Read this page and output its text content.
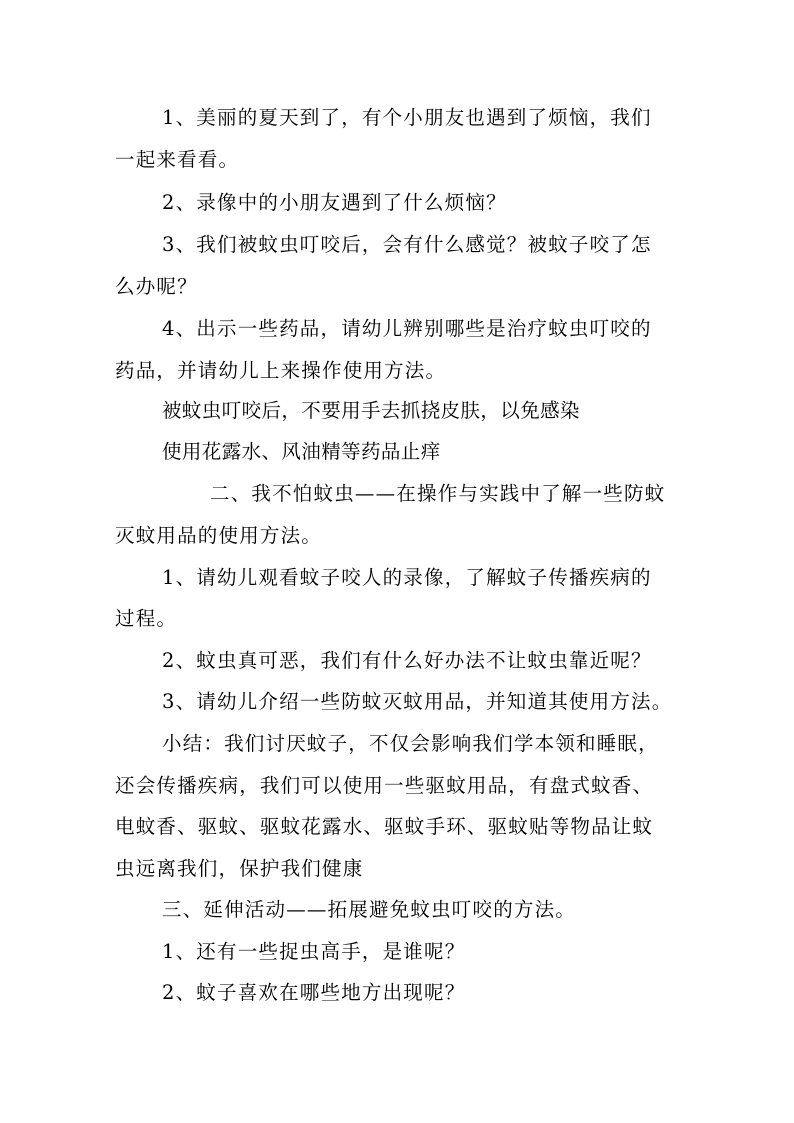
1、美丽的夏天到了，有个小朋友也遇到了烦恼，我们
一起来看看。
2、录像中的小朋友遇到了什么烦恼？
3、我们被蚊虫叮咬后，会有什么感觉？被蚊子咬了怎
么办呢？
4、出示一些药品，请幼儿辨别哪些是治疗蚊虫叮咬的
药品，并请幼儿上来操作使用方法。
被蚊虫叮咬后，不要用手去抓挠皮肤，以免感染
使用花露水、风油精等药品止痒
二、我不怕蚊虫——在操作与实践中了解一些防蚊
灭蚊用品的使用方法。
1、请幼儿观看蚊子咬人的录像，了解蚊子传播疾病的
过程。
2、蚊虫真可恶，我们有什么好办法不让蚊虫靠近呢？
3、请幼儿介绍一些防蚊灭蚊用品，并知道其使用方法。
小结：我们讨厌蚊子，不仅会影响我们学本领和睡眠，
还会传播疾病，我们可以使用一些驱蚊用品，有盘式蚊香、
电蚊香、驱蚊、驱蚊花露水、驱蚊手环、驱蚊贴等物品让蚊
虫远离我们，保护我们健康
三、延伸活动——拓展避免蚊虫叮咬的方法。
1、还有一些捉虫高手，是谁呢？
2、蚊子喜欢在哪些地方出现呢？
